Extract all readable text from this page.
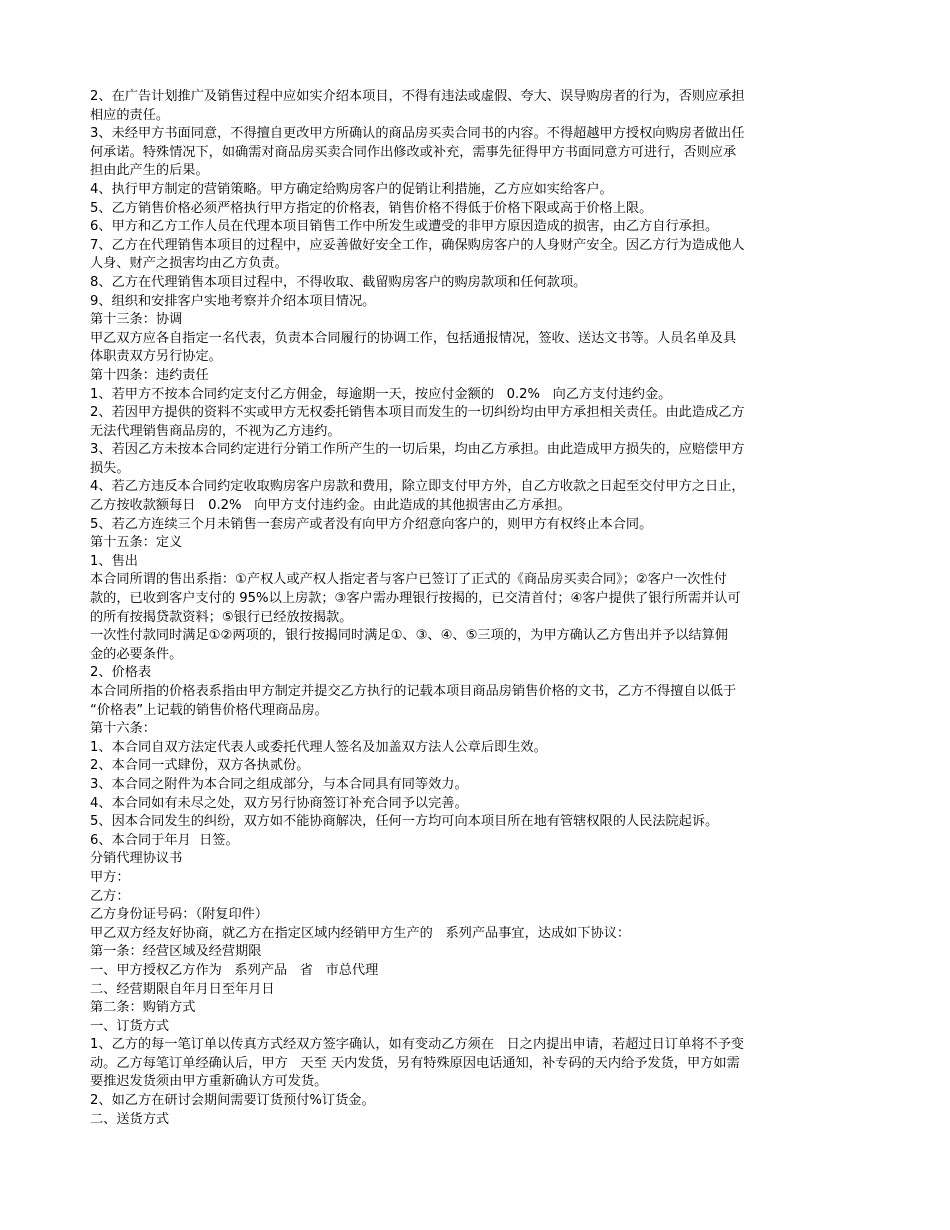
2、在广告计划推广及销售过程中应如实介绍本项目，不得有违法或虚假、夸大、误导购房者的行为，否则应承担
相应的责任。
3、未经甲方书面同意，不得擅自更改甲方所确认的商品房买卖合同书的内容。不得超越甲方授权向购房者做出任
何承诺。特殊情况下，如确需对商品房买卖合同作出修改或补充，需事先征得甲方书面同意方可进行，否则应承
担由此产生的后果。
4、执行甲方制定的营销策略。甲方确定给购房客户的促销让利措施，乙方应如实给客户。
5、乙方销售价格必须严格执行甲方指定的价格表，销售价格不得低于价格下限或高于价格上限。
6、甲方和乙方工作人员在代理本项目销售工作中所发生或遭受的非甲方原因造成的损害，由乙方自行承担。
7、乙方在代理销售本项目的过程中，应妥善做好安全工作，确保购房客户的人身财产安全。因乙方行为造成他人
人身、财产之损害均由乙方负责。
8、乙方在代理销售本项目过程中，不得收取、截留购房客户的购房款项和任何款项。
9、组织和安排客户实地考察并介绍本项目情况。
第十三条：协调
甲乙双方应各自指定一名代表，负责本合同履行的协调工作，包括通报情况，签收、送达文书等。人员名单及具
体职责双方另行协定。
第十四条：违约责任
1、若甲方不按本合同约定支付乙方佣金，每逾期一天，按应付金额的   0.2%   向乙方支付违约金。
2、若因甲方提供的资料不实或甲方无权委托销售本项目而发生的一切纠纷均由甲方承担相关责任。由此造成乙方
无法代理销售商品房的，不视为乙方违约。
3、若因乙方未按本合同约定进行分销工作所产生的一切后果，均由乙方承担。由此造成甲方损失的，应赔偿甲方
损失。
4、若乙方违反本合同约定收取购房客户房款和费用，除立即支付甲方外，自乙方收款之日起至交付甲方之日止，
乙方按收款额每日   0.2%   向甲方支付违约金。由此造成的其他损害由乙方承担。
5、若乙方连续三个月未销售一套房产或者没有向甲方介绍意向客户的，则甲方有权终止本合同。
第十五条：定义
1、售出
本合同所谓的售出系指：①产权人或产权人指定者与客户已签订了正式的《商品房买卖合同》；②客户一次性付
款的，已收到客户支付的 95%以上房款；③客户需办理银行按揭的，已交清首付；④客户提供了银行所需并认可
的所有按揭贷款资料；⑤银行已经放按揭款。
一次性付款同时满足①②两项的，银行按揭同时满足①、③、④、⑤三项的，为甲方确认乙方售出并予以结算佣
金的必要条件。
2、价格表
本合同所指的价格表系指由甲方制定并提交乙方执行的记载本项目商品房销售价格的文书，乙方不得擅自以低于
“价格表”上记载的销售价格代理商品房。
第十六条：
1、本合同自双方法定代表人或委托代理人签名及加盖双方法人公章后即生效。
2、本合同一式肆份，双方各执贰份。
3、本合同之附件为本合同之组成部分，与本合同具有同等效力。
4、本合同如有未尽之处，双方另行协商签订补充合同予以完善。
5、因本合同发生的纠纷，双方如不能协商解决，任何一方均可向本项目所在地有管辖权限的人民法院起诉。
6、本合同于年月  日签。
分销代理协议书
甲方：
乙方：
乙方身份证号码：（附复印件）
甲乙双方经友好协商，就乙方在指定区域内经销甲方生产的   系列产品事宜，达成如下协议：
第一条：经营区域及经营期限
一、甲方授权乙方作为   系列产品   省   市总代理
二、经营期限自年月日至年月日
第二条：购销方式
一、订货方式
1、乙方的每一笔订单以传真方式经双方签字确认，如有变动乙方须在   日之内提出申请，若超过日订单将不予变
动。乙方每笔订单经确认后，甲方   天至 天内发货，另有特殊原因电话通知，补专码的天内给予发货，甲方如需
要推迟发货须由甲方重新确认方可发货。
2、如乙方在研讨会期间需要订货预付%订货金。
二、送货方式
